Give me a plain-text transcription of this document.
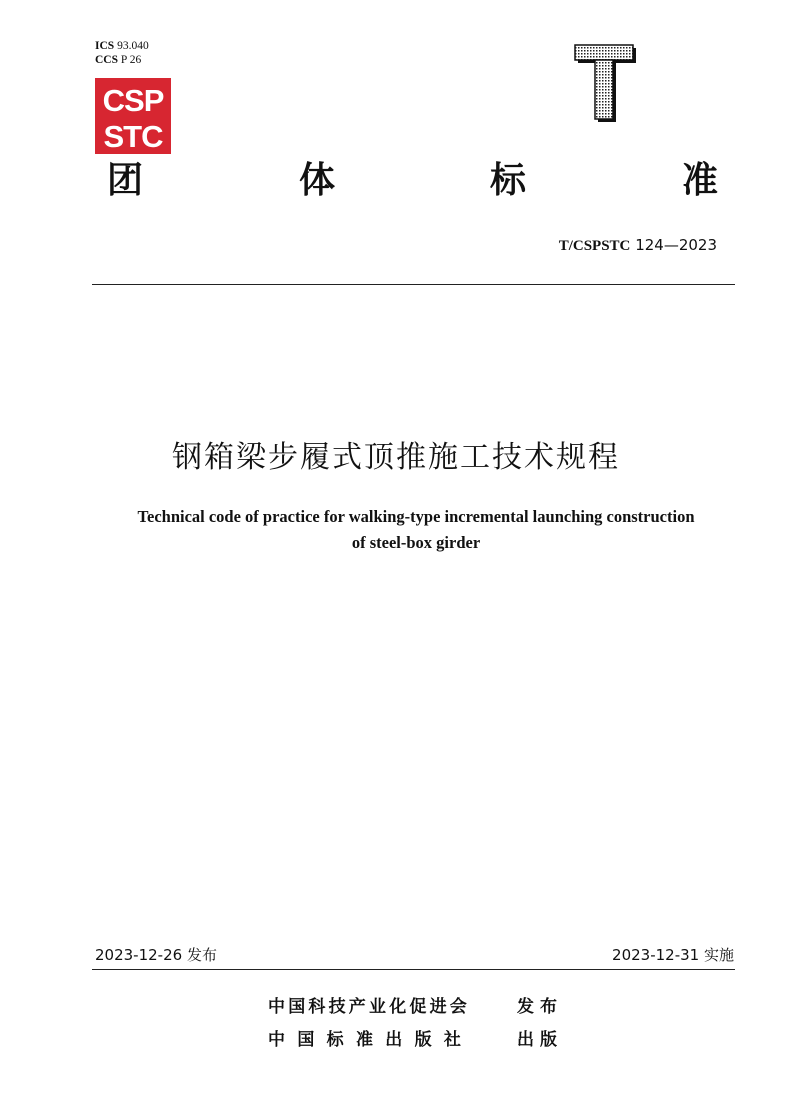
ICS 93.040
CCS P 26
CSP
STC
团	体	标	准
T/CSPSTC 124—2023
钢箱梁步履式顶推施工技术规程
Technical code of practice for walking-type incremental launching construction
of steel-box girder
2023-12-26 发布	2023-12-31 实施
中国科技产业化促进会	发布
中 国 标 准 出 版 社	出版
